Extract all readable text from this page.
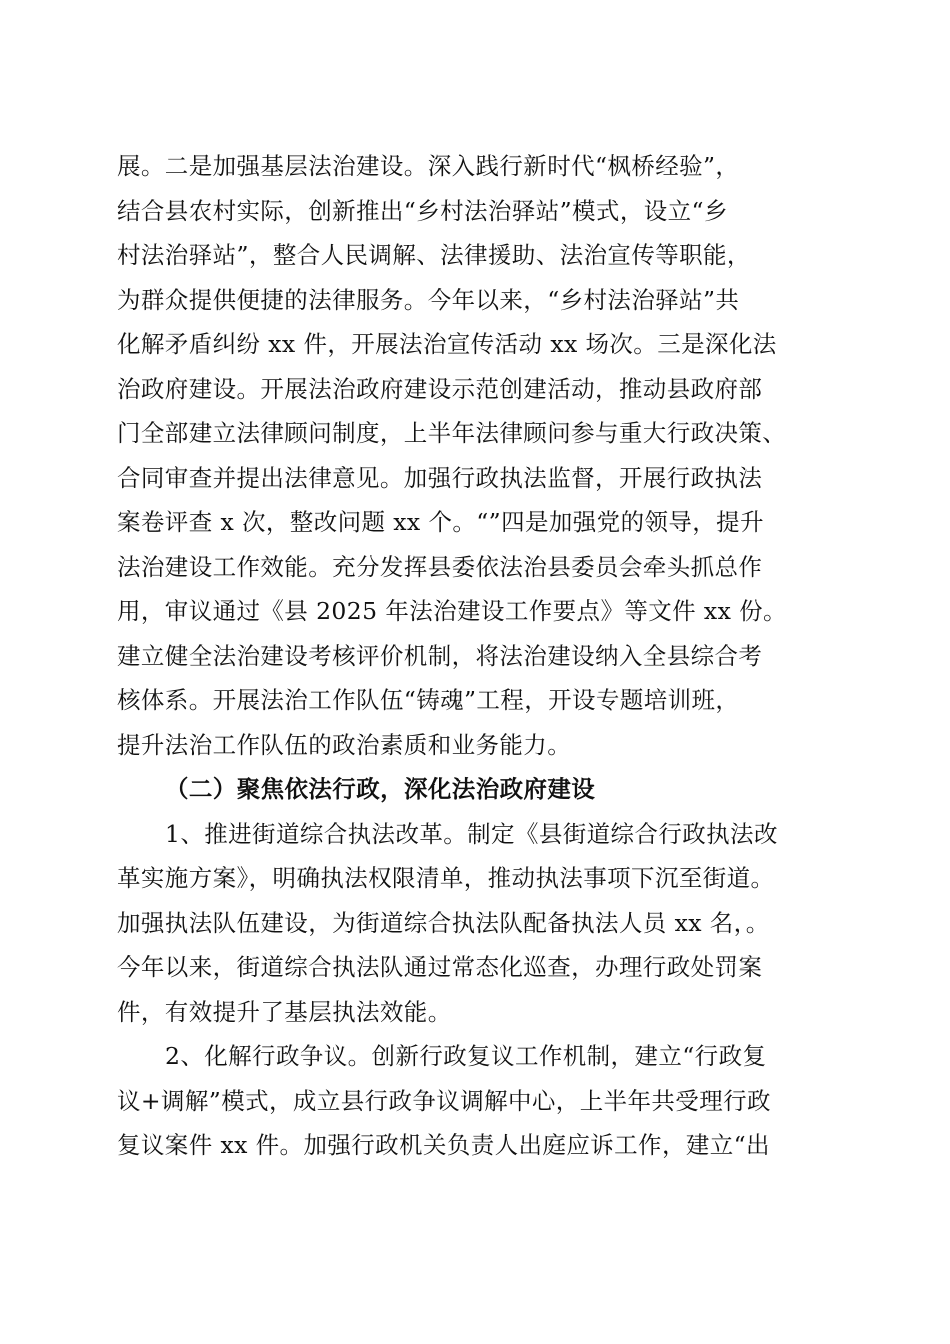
展。二是加强基层法治建设。深入践行新时代“枫桥经验”，
结合县农村实际，创新推出“乡村法治驿站”模式，设立“乡
村法治驿站”，整合人民调解、法律援助、法治宣传等职能，
为群众提供便捷的法律服务。今年以来，“乡村法治驿站”共
化解矛盾纠纷 xx 件，开展法治宣传活动 xx 场次。三是深化法
治政府建设。开展法治政府建设示范创建活动，推动县政府部
门全部建立法律顾问制度，上半年法律顾问参与重大行政决策、
合同审查并提出法律意见。加强行政执法监督，开展行政执法
案卷评查 x 次，整改问题 xx 个。“”四是加强党的领导，提升
法治建设工作效能。充分发挥县委依法治县委员会牵头抓总作
用，审议通过《县 2025 年法治建设工作要点》等文件 xx 份。
建立健全法治建设考核评价机制，将法治建设纳入全县综合考
核体系。开展法治工作队伍“铸魂”工程，开设专题培训班，
提升法治工作队伍的政治素质和业务能力。
（二）聚焦依法行政，深化法治政府建设
1、推进街道综合执法改革。制定《县街道综合行政执法改
革实施方案》，明确执法权限清单，推动执法事项下沉至街道。
加强执法队伍建设，为街道综合执法队配备执法人员 xx 名，。
今年以来，街道综合执法队通过常态化巡查，办理行政处罚案
件，有效提升了基层执法效能。
2、化解行政争议。创新行政复议工作机制，建立“行政复
议+调解”模式，成立县行政争议调解中心，上半年共受理行政
复议案件 xx 件。加强行政机关负责人出庭应诉工作，建立“出
